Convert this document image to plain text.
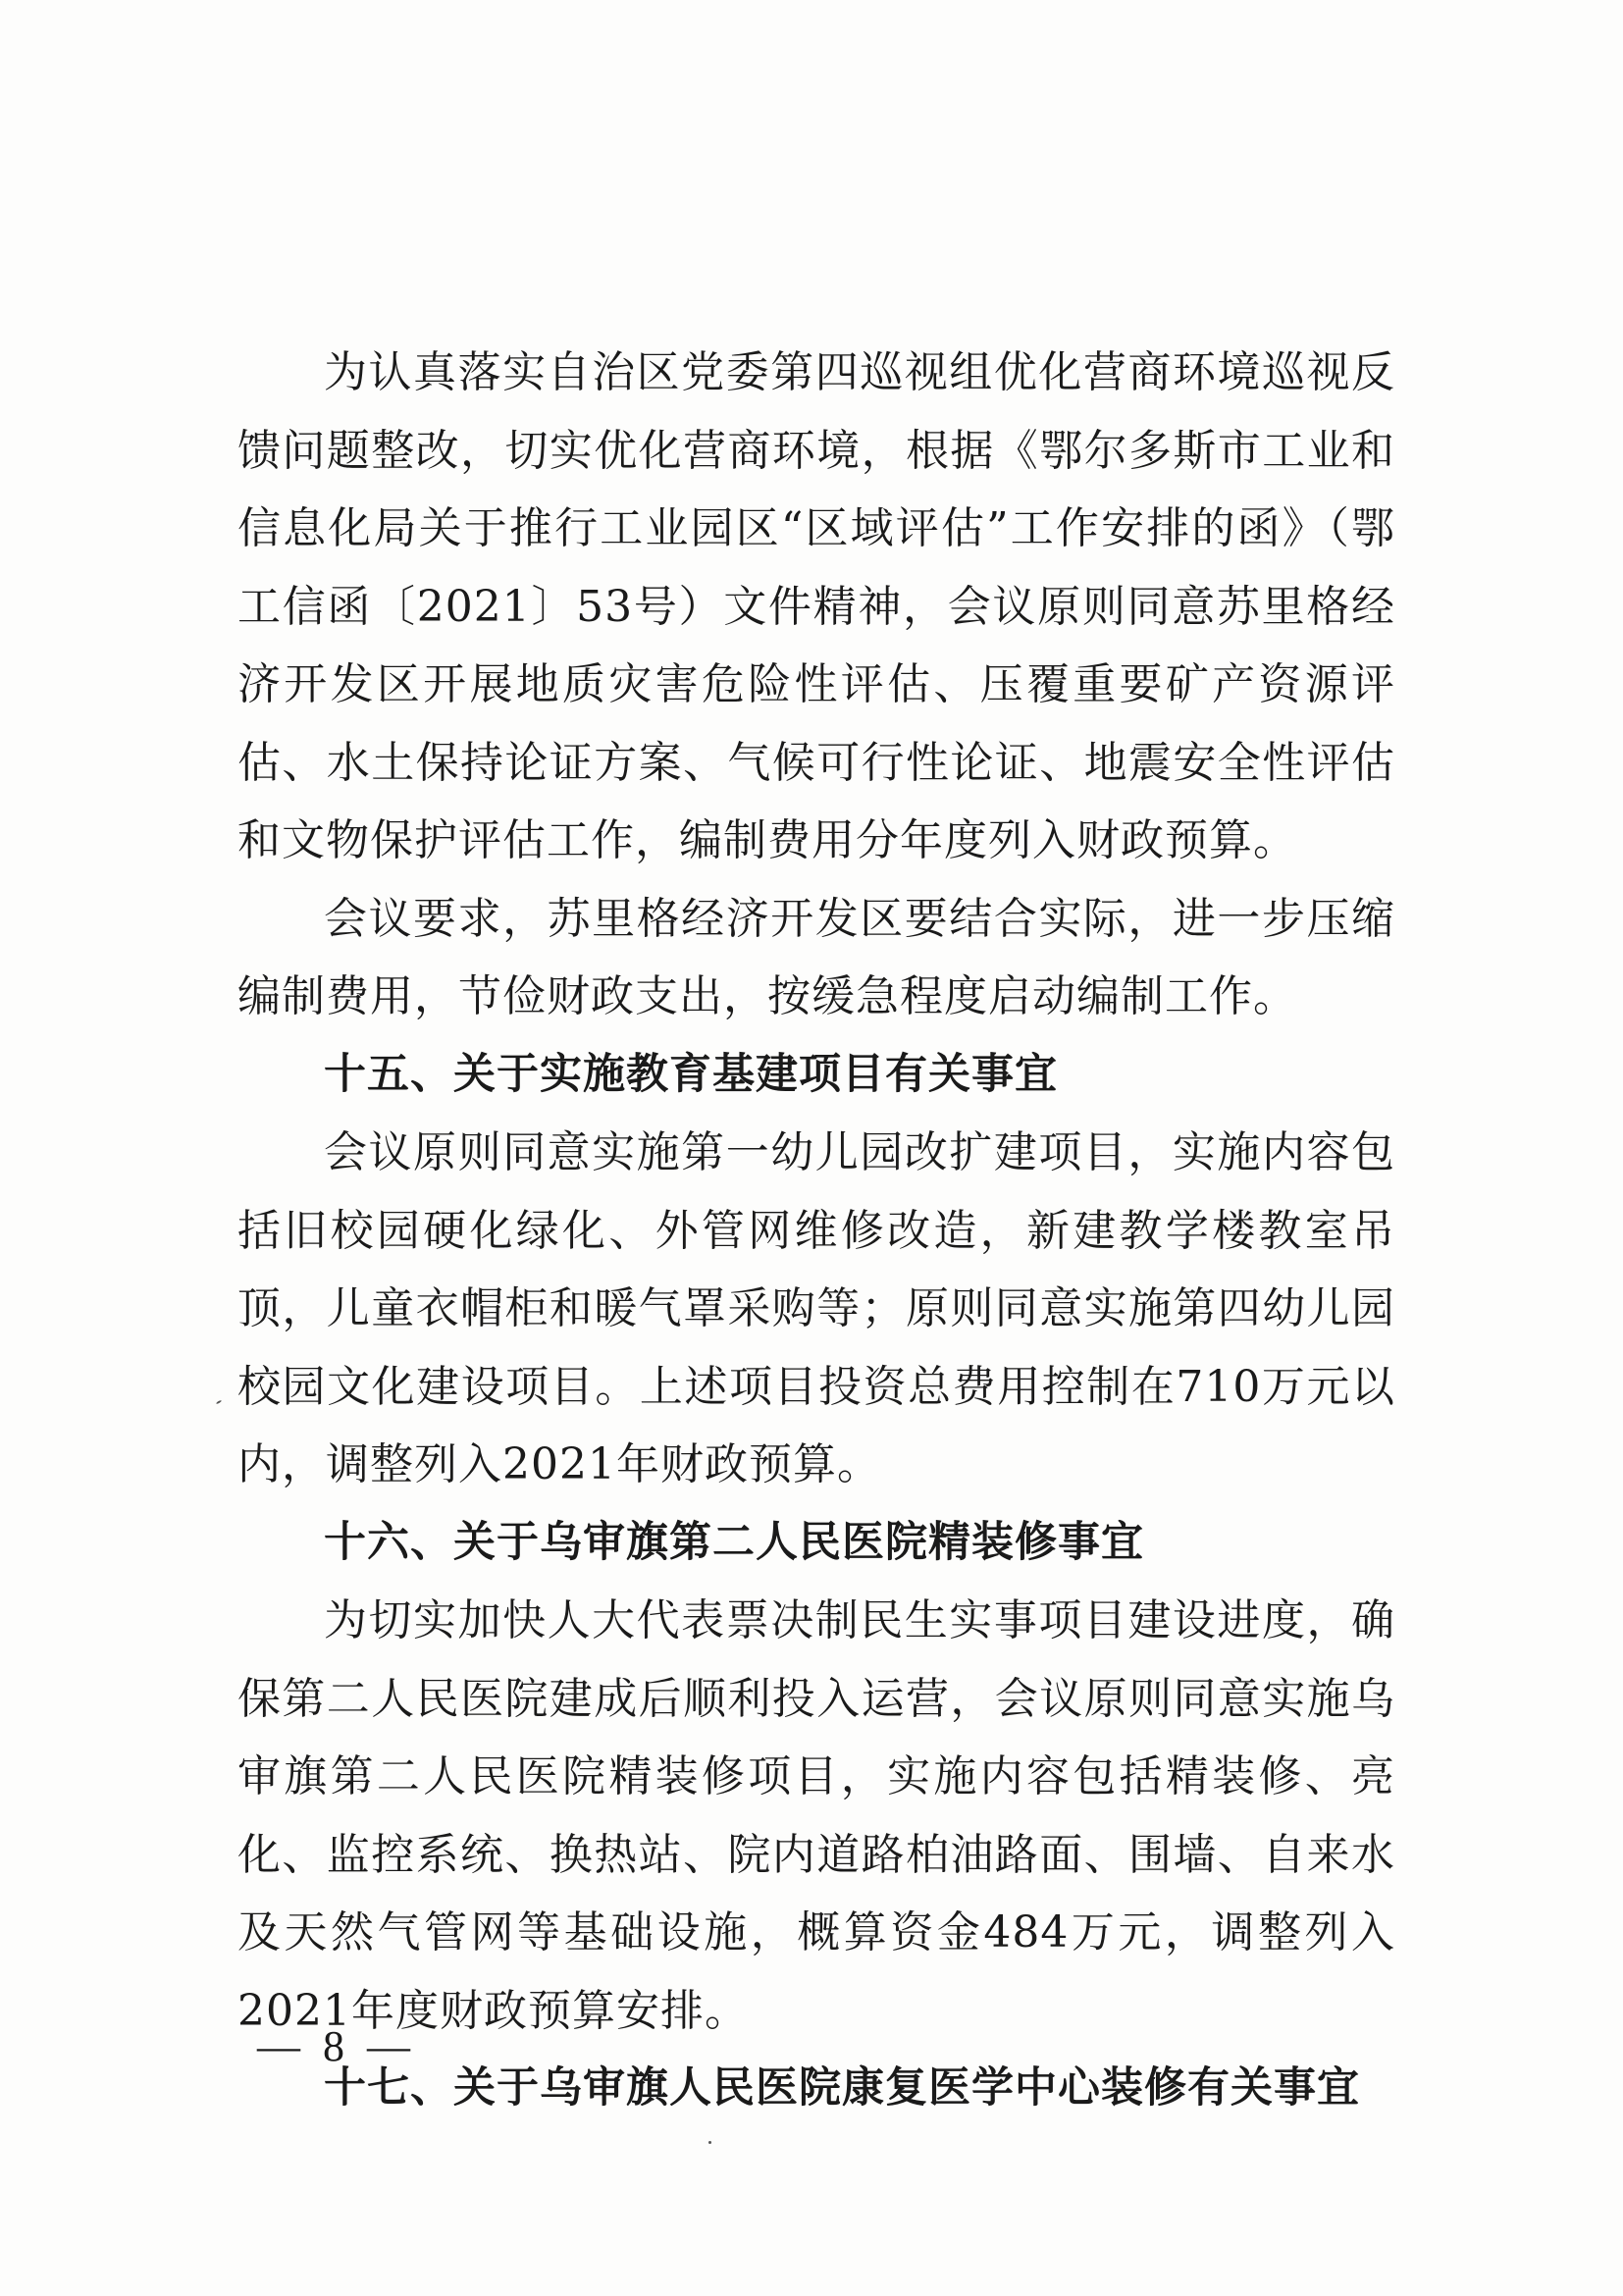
为认真落实自治区党委第四巡视组优化营商环境巡视反馈问题整改，切实优化营商环境，根据《鄂尔多斯市工业和信息化局关于推行工业园区“区域评估”工作安排的函》（鄂工信函〔2021〕53号）文件精神，会议原则同意苏里格经济开发区开展地质灾害危险性评估、压覆重要矿产资源评估、水土保持论证方案、气候可行性论证、地震安全性评估和文物保护评估工作，编制费用分年度列入财政预算。

会议要求，苏里格经济开发区要结合实际，进一步压缩编制费用，节俭财政支出，按缓急程度启动编制工作。

十五、关于实施教育基建项目有关事宜

会议原则同意实施第一幼儿园改扩建项目，实施内容包括旧校园硬化绿化、外管网维修改造，新建教学楼教室吊顶，儿童衣帽柜和暖气罩采购等；原则同意实施第四幼儿园校园文化建设项目。上述项目投资总费用控制在710万元以内，调整列入2021年财政预算。

十六、关于乌审旗第二人民医院精装修事宜

为切实加快人大代表票决制民生实事项目建设进度，确保第二人民医院建成后顺利投入运营，会议原则同意实施乌审旗第二人民医院精装修项目，实施内容包括精装修、亮化、监控系统、换热站、院内道路柏油路面、围墙、自来水及天然气管网等基础设施，概算资金484万元，调整列入2021年度财政预算安排。

十七、关于乌审旗人民医院康复医学中心装修有关事宜

— 8 —
